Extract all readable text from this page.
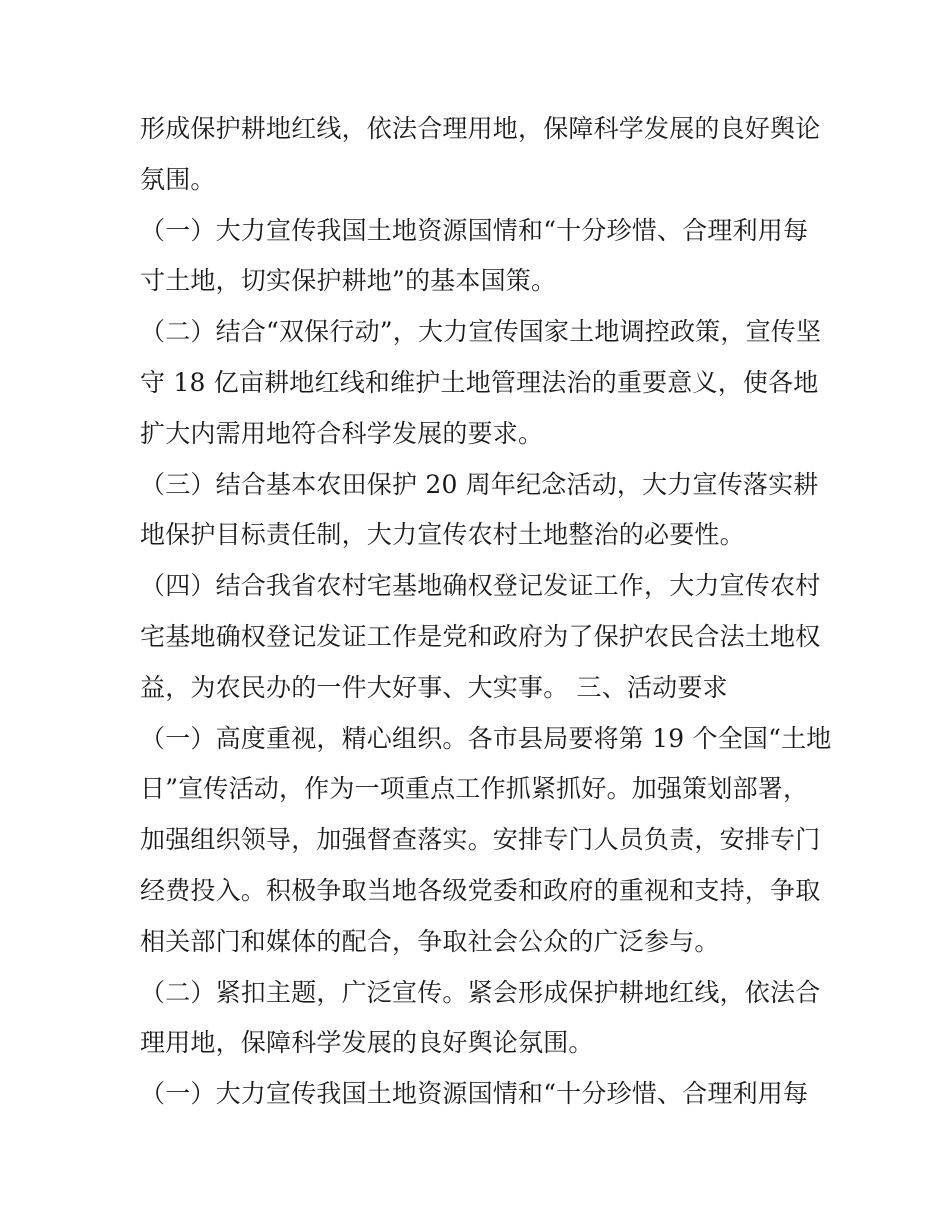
形成保护耕地红线，依法合理用地，保障科学发展的良好舆论
氛围。
（一）大力宣传我国土地资源国情和“十分珍惜、合理利用每
寸土地，切实保护耕地”的基本国策。
（二）结合“双保行动”，大力宣传国家土地调控政策，宣传坚
守 18 亿亩耕地红线和维护土地管理法治的重要意义，使各地
扩大内需用地符合科学发展的要求。
（三）结合基本农田保护 20 周年纪念活动，大力宣传落实耕
地保护目标责任制，大力宣传农村土地整治的必要性。
（四）结合我省农村宅基地确权登记发证工作，大力宣传农村
宅基地确权登记发证工作是党和政府为了保护农民合法土地权
益，为农民办的一件大好事、大实事。 三、活动要求
（一）高度重视，精心组织。各市县局要将第 19 个全国“土地
日”宣传活动，作为一项重点工作抓紧抓好。加强策划部署，
加强组织领导，加强督查落实。安排专门人员负责，安排专门
经费投入。积极争取当地各级党委和政府的重视和支持，争取
相关部门和媒体的配合，争取社会公众的广泛参与。
（二）紧扣主题，广泛宣传。紧会形成保护耕地红线，依法合
理用地，保障科学发展的良好舆论氛围。
（一）大力宣传我国土地资源国情和“十分珍惜、合理利用每
